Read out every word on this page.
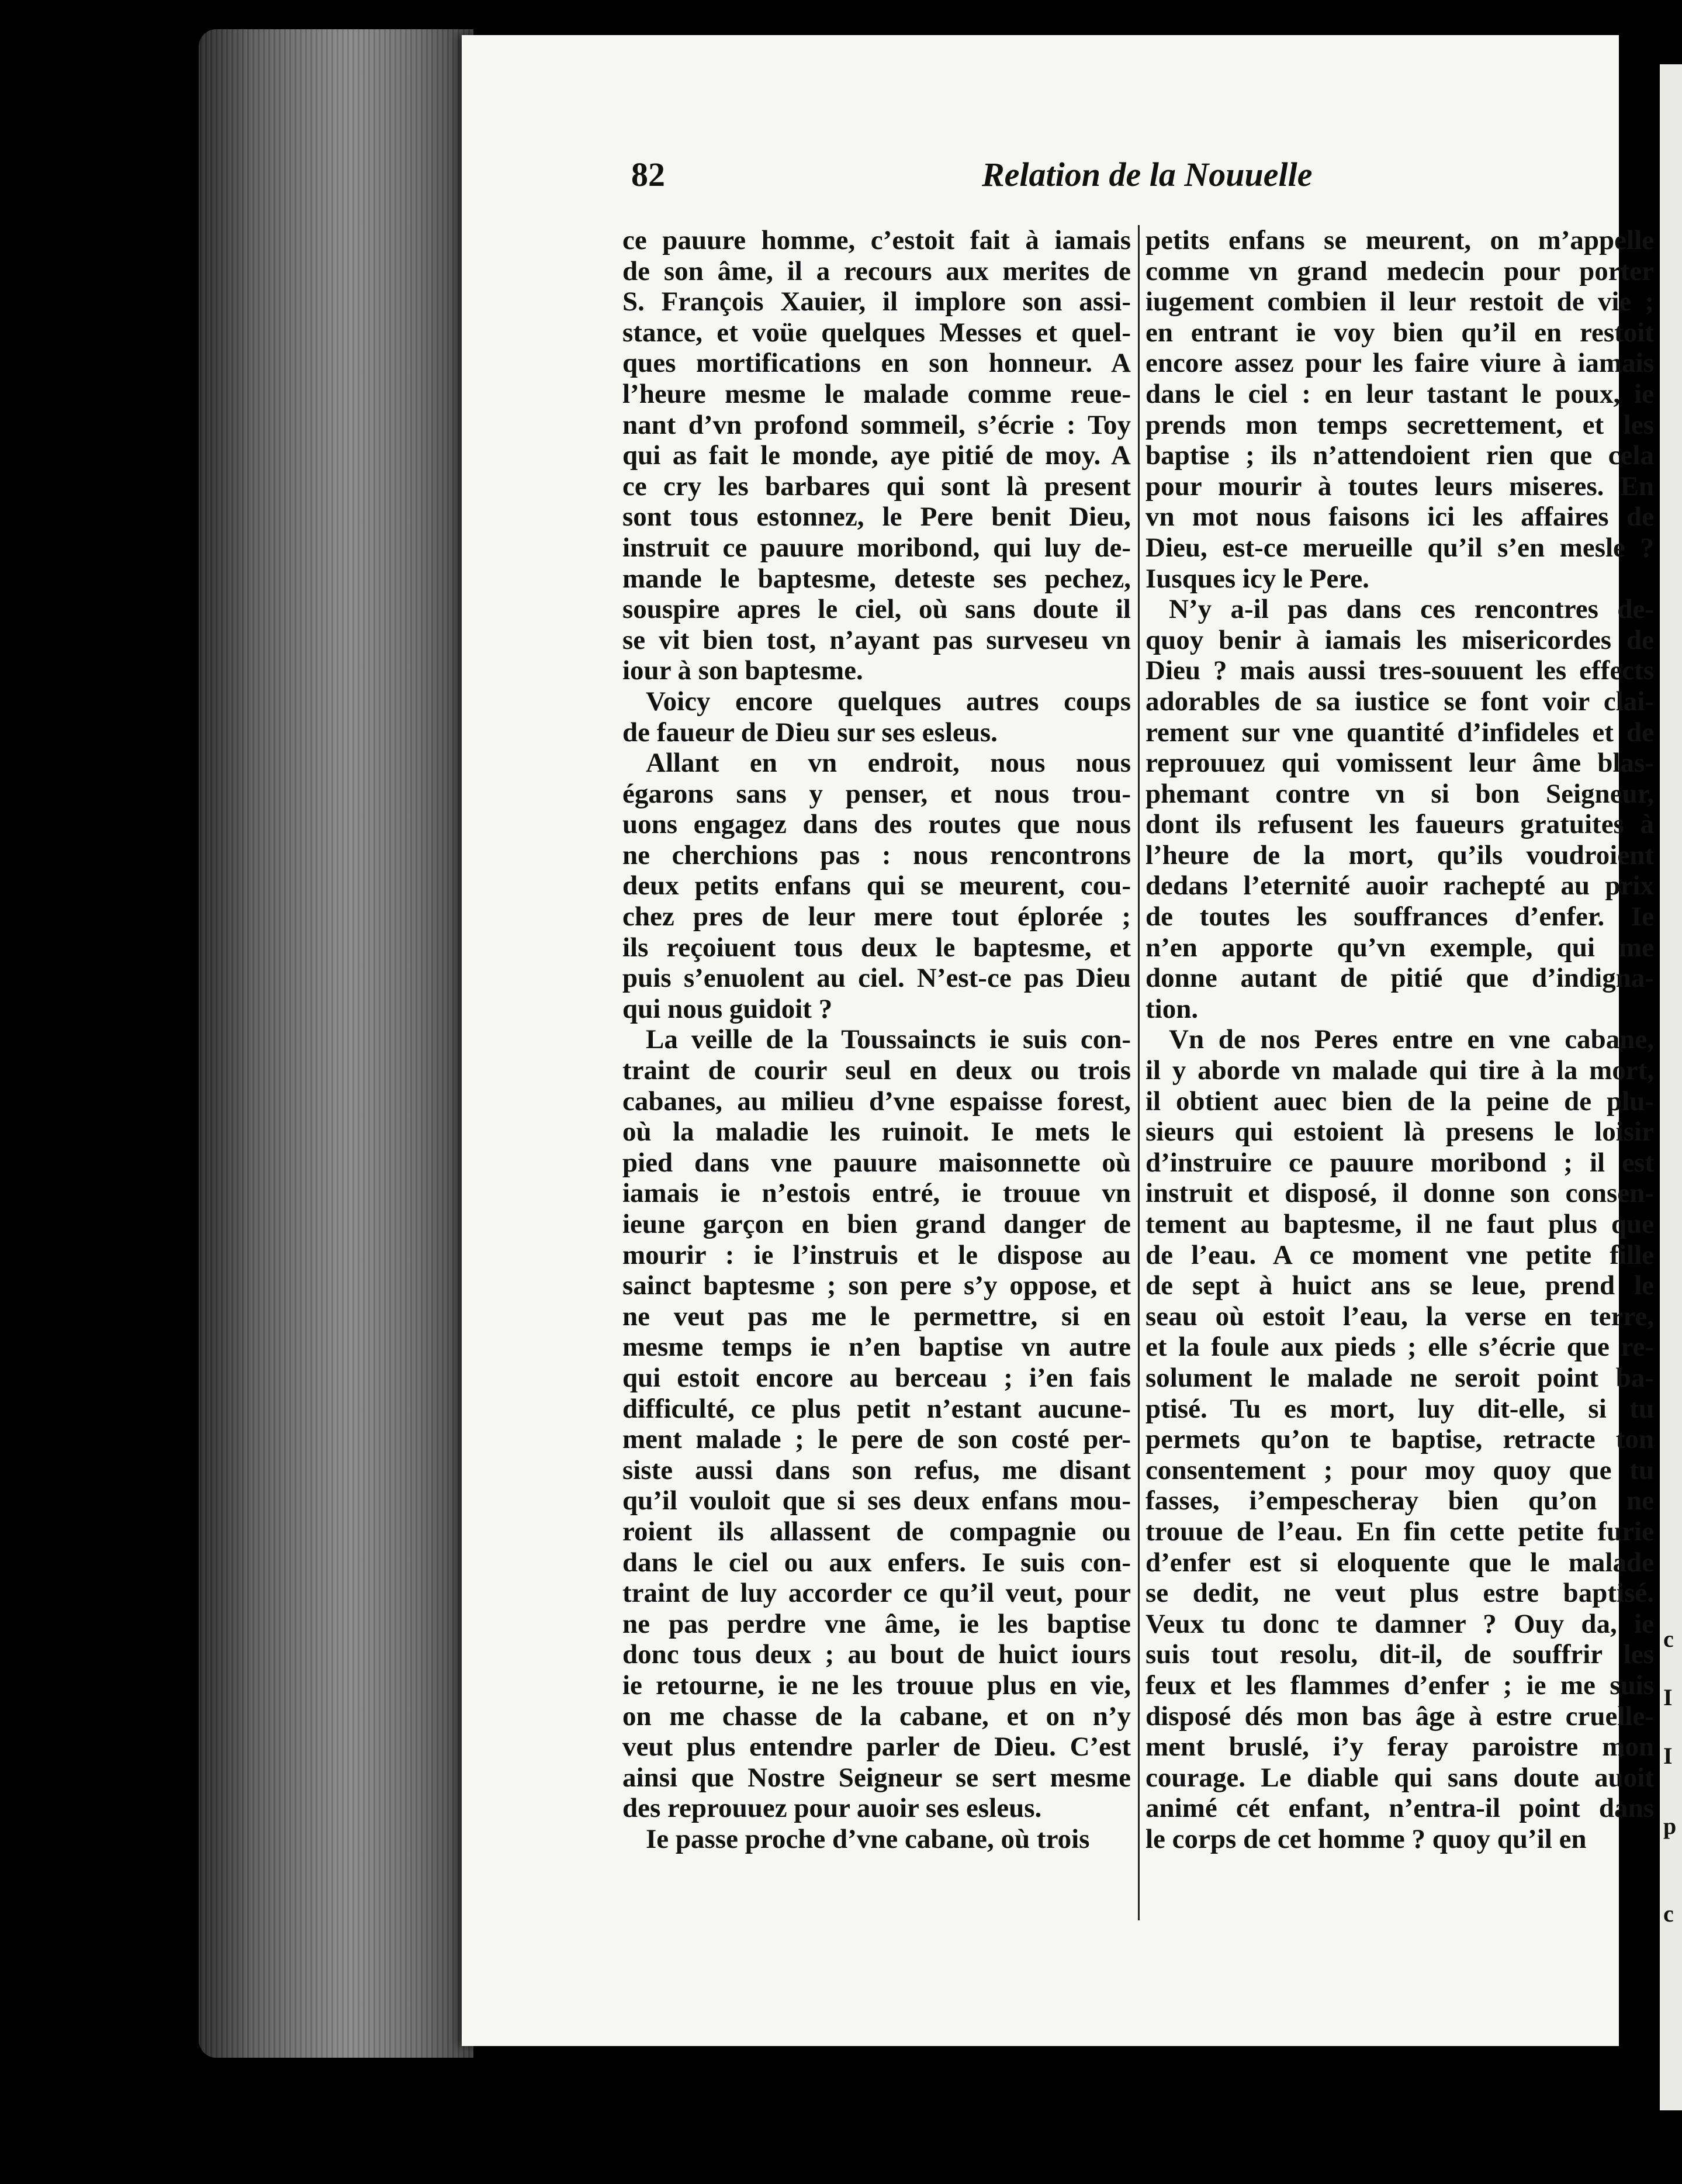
c
I
I
p
c
82	Relation de la Nouuelle
ce pauure homme, c’estoit fait à iamais
de son âme, il a recours aux merites de
S. François Xauier, il implore son assi-
stance, et voüe quelques Messes et quel-
ques mortifications en son honneur. A
l’heure mesme le malade comme reue-
nant d’vn profond sommeil, s’écrie : Toy
qui as fait le monde, aye pitié de moy. A
ce cry les barbares qui sont là present
sont tous estonnez, le Pere benit Dieu,
instruit ce pauure moribond, qui luy de-
mande le baptesme, deteste ses pechez,
souspire apres le ciel, où sans doute il
se vit bien tost, n’ayant pas surveseu vn
iour à son baptesme.
Voicy encore quelques autres coups
de faueur de Dieu sur ses esleus.
Allant en vn endroit, nous nous
égarons sans y penser, et nous trou-
uons engagez dans des routes que nous
ne cherchions pas : nous rencontrons
deux petits enfans qui se meurent, cou-
chez pres de leur mere tout éplorée ;
ils reçoiuent tous deux le baptesme, et
puis s’enuolent au ciel. N’est-ce pas Dieu
qui nous guidoit ?
La veille de la Toussaincts ie suis con-
traint de courir seul en deux ou trois
cabanes, au milieu d’vne espaisse forest,
où la maladie les ruinoit. Ie mets le
pied dans vne pauure maisonnette où
iamais ie n’estois entré, ie trouue vn
ieune garçon en bien grand danger de
mourir : ie l’instruis et le dispose au
sainct baptesme ; son pere s’y oppose, et
ne veut pas me le permettre, si en
mesme temps ie n’en baptise vn autre
qui estoit encore au berceau ; i’en fais
difficulté, ce plus petit n’estant aucune-
ment malade ; le pere de son costé per-
siste aussi dans son refus, me disant
qu’il vouloit que si ses deux enfans mou-
roient ils allassent de compagnie ou
dans le ciel ou aux enfers. Ie suis con-
traint de luy accorder ce qu’il veut, pour
ne pas perdre vne âme, ie les baptise
donc tous deux ; au bout de huict iours
ie retourne, ie ne les trouue plus en vie,
on me chasse de la cabane, et on n’y
veut plus entendre parler de Dieu. C’est
ainsi que Nostre Seigneur se sert mesme
des reprouuez pour auoir ses esleus.
Ie passe proche d’vne cabane, où trois
petits enfans se meurent, on m’appelle
comme vn grand medecin pour porter
iugement combien il leur restoit de vie ;
en entrant ie voy bien qu’il en restoit
encore assez pour les faire viure à iamais
dans le ciel : en leur tastant le poux, ie
prends mon temps secrettement, et les
baptise ; ils n’attendoient rien que cela
pour mourir à toutes leurs miseres. En
vn mot nous faisons ici les affaires de
Dieu, est-ce merueille qu’il s’en mesle ?
Iusques icy le Pere.
N’y a-il pas dans ces rencontres de-
quoy benir à iamais les misericordes de
Dieu ? mais aussi tres-souuent les effects
adorables de sa iustice se font voir clai-
rement sur vne quantité d’infideles et de
reprouuez qui vomissent leur âme blas-
phemant contre vn si bon Seigneur,
dont ils refusent les faueurs gratuites à
l’heure de la mort, qu’ils voudroient
dedans l’eternité auoir rachepté au prix
de toutes les souffrances d’enfer. Ie
n’en apporte qu’vn exemple, qui me
donne autant de pitié que d’indigna-
tion.
Vn de nos Peres entre en vne cabane,
il y aborde vn malade qui tire à la mort,
il obtient auec bien de la peine de plu-
sieurs qui estoient là presens le loisir
d’instruire ce pauure moribond ; il est
instruit et disposé, il donne son consen-
tement au baptesme, il ne faut plus que
de l’eau. A ce moment vne petite fille
de sept à huict ans se leue, prend le
seau où estoit l’eau, la verse en terre,
et la foule aux pieds ; elle s’écrie que re-
solument le malade ne seroit point ba-
ptisé. Tu es mort, luy dit-elle, si tu
permets qu’on te baptise, retracte ton
consentement ; pour moy quoy que tu
fasses, i’empescheray bien qu’on ne
trouue de l’eau. En fin cette petite furie
d’enfer est si eloquente que le malade
se dedit, ne veut plus estre baptisé.
Veux tu donc te damner ? Ouy da, ie
suis tout resolu, dit-il, de souffrir les
feux et les flammes d’enfer ; ie me suis
disposé dés mon bas âge à estre cruelle-
ment bruslé, i’y feray paroistre mon
courage. Le diable qui sans doute auoit
animé cét enfant, n’entra-il point dans
le corps de cet homme ? quoy qu’il en
